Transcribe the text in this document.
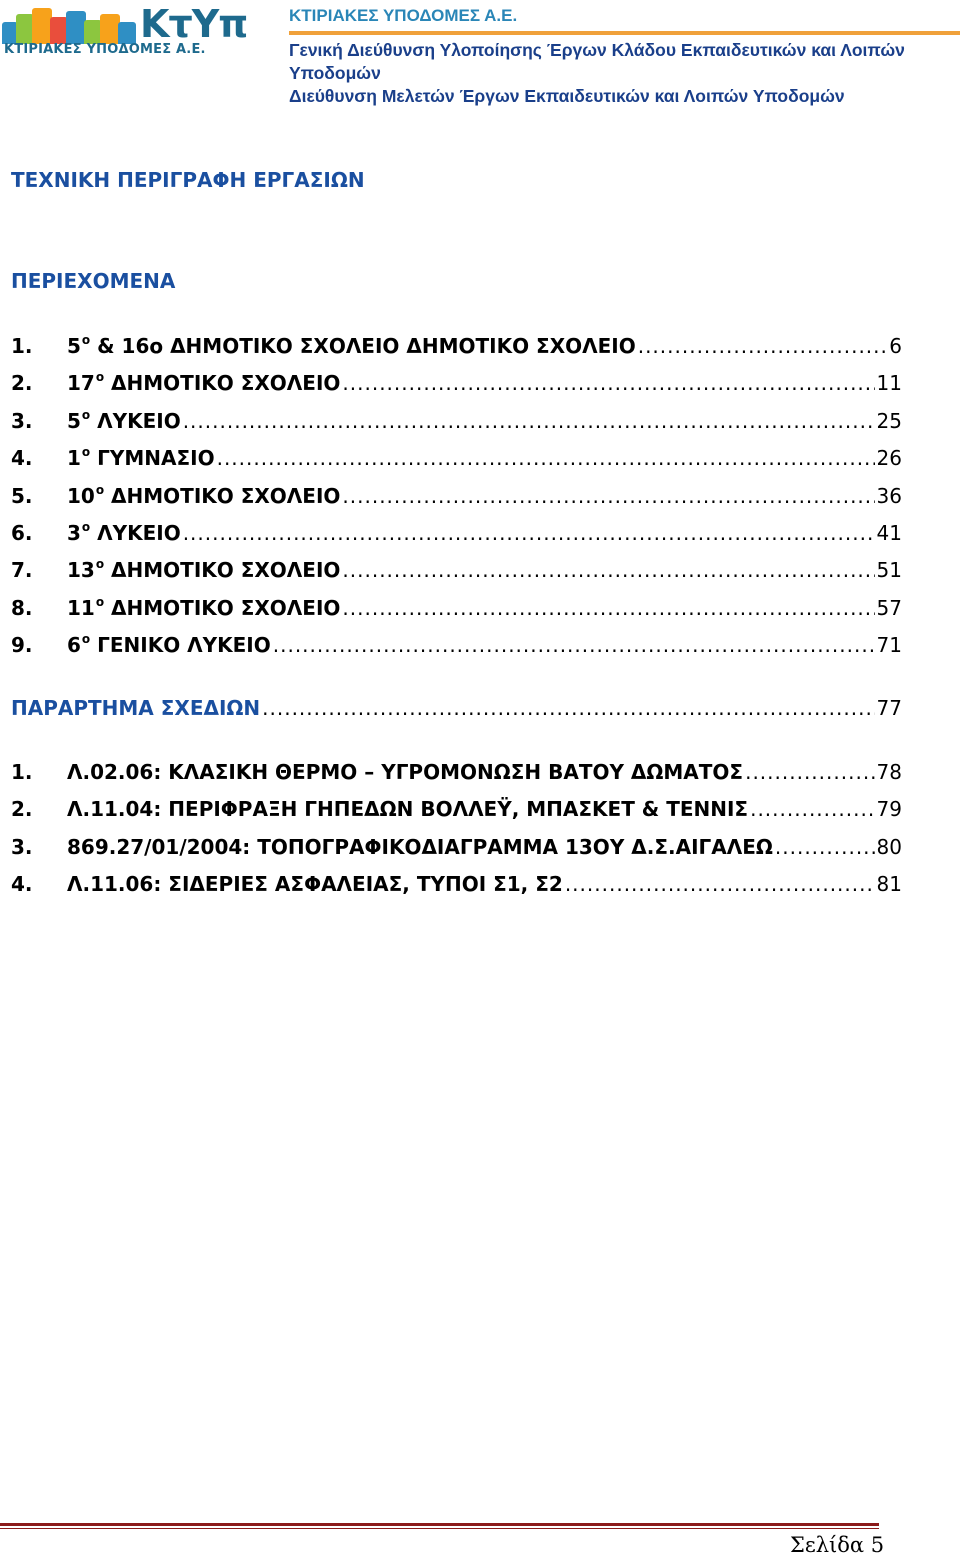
ΚτΥπ
ΚΤΙΡΙΑΚΕΣ ΥΠΟΔΟΜΕΣ Α.Ε.
ΚΤΙΡΙΑΚΕΣ ΥΠΟΔΟΜΕΣ Α.Ε.
Γενική Διεύθυνση Υλοποίησης Έργων Κλάδου Εκπαιδευτικών και Λοιπών Υποδομών
Διεύθυνση Μελετών Έργων Εκπαιδευτικών και Λοιπών Υποδομών
ΤΕΧΝΙΚΗ ΠΕΡΙΓΡΑΦΗ ΕΡΓΑΣΙΩΝ
ΠΕΡΙΕΧΟΜΕΝΑ
1.	$5^o$ & 16ο ΔΗΜΟΤΙΚΟ ΣΧΟΛΕΙΟ ΔΗΜΟΤΙΚΟ ΣΧΟΛΕΙΟ .....	6
2.	$17^o$ ΔΗΜΟΤΙΚΟ ΣΧΟΛΕΙΟ .....	11
3.	$5^o$ ΛΥΚΕΙΟ .....	25
4.	$1^o$ ΓΥΜΝΑΣΙΟ .....	26
5.	$10^o$ ΔΗΜΟΤΙΚΟ ΣΧΟΛΕΙΟ .....	36
6.	$3^o$ ΛΥΚΕΙΟ .....	41
7.	$13^o$ ΔΗΜΟΤΙΚΟ ΣΧΟΛΕΙΟ .....	51
8.	$11^o$ ΔΗΜΟΤΙΚΟ ΣΧΟΛΕΙΟ .....	57
9.	$6^o$ ΓΕΝΙΚΟ ΛΥΚΕΙΟ .....	71
ΠΑΡΑΡΤΗΜΑ ΣΧΕΔΙΩΝ .....	77
1.	Λ.02.06: ΚΛΑΣΙΚΗ ΘΕΡΜΟ – ΥΓΡΟΜΟΝΩΣΗ ΒΑΤΟΥ ΔΩΜΑΤΟΣ .....	78
2.	Λ.11.04: ΠΕΡΙΦΡΑΞΗ ΓΗΠΕΔΩΝ ΒΟΛΛΕΫ, ΜΠΑΣΚΕΤ & ΤΕΝΝΙΣ .....	79
3.	869.27/01/2004: ΤΟΠΟΓΡΑΦΙΚΟΔΙΑΓΡΑΜΜΑ 13ΟΥ Δ.Σ.ΑΙΓΑΛΕΩ .....	80
4.	Λ.11.06: ΣΙΔΕΡΙΕΣ ΑΣΦΑΛΕΙΑΣ, ΤΥΠΟΙ Σ1, Σ2 .....	81
Σελίδα 5
